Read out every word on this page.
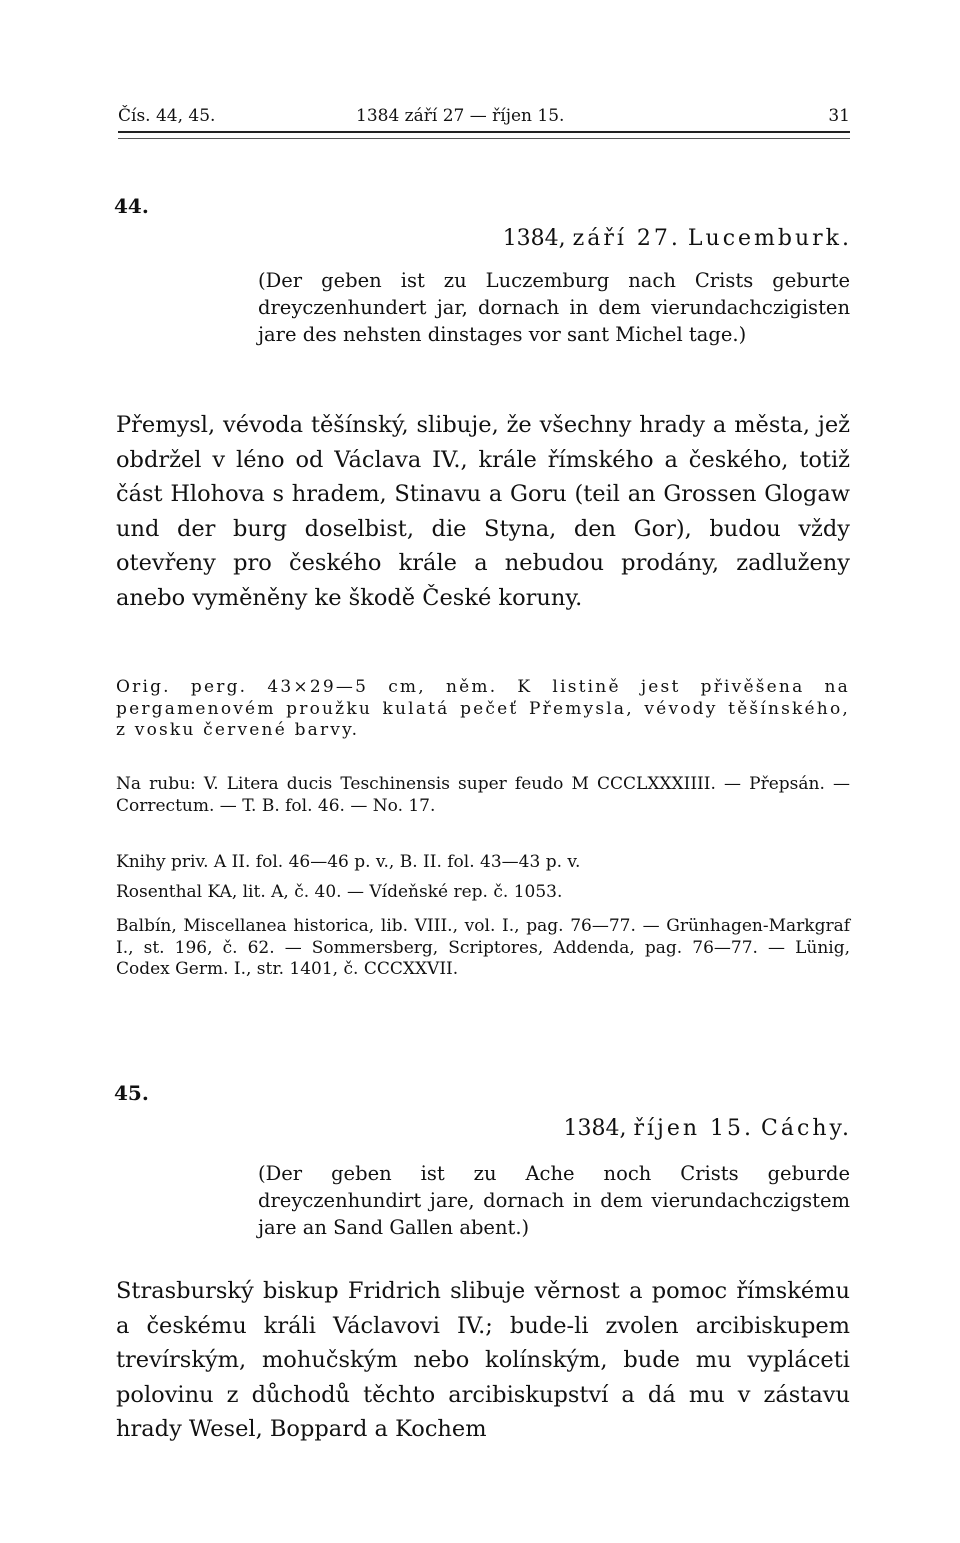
Čís. 44, 45.	1384 září 27 — říjen 15.	31
44.
1384, září 27. Lucemburk.
(Der geben ist zu Luczemburg nach Crists geburte dreyczenhundert jar, dornach in dem vierundachczigisten jare des nehsten dinstages vor sant Michel tage.)
Přemysl, vévoda těšínský, slibuje, že všechny hrady a města, jež obdržel v léno od Václava IV., krále římského a českého, totiž část Hlohova s hradem, Stinavu a Goru (teil an Grossen Glogaw und der burg doselbist, die Styna, den Gor), budou vždy otevřeny pro českého krále a nebudou prodány, zadluženy anebo vyměněny ke škodě České koruny.
Orig. perg. 43×29—5 cm, něm. K listině jest přivěšena na pergamenovém proužku kulatá pečeť Přemysla, vévody těšínského, z vosku červené barvy.
Na rubu: V. Litera ducis Teschinensis super feudo M CCCLXXXIIII. — Přepsán. — Correctum. — T. B. fol. 46. — No. 17.
Knihy priv. A II. fol. 46—46 p. v., B. II. fol. 43—43 p. v.
Rosenthal KA, lit. A, č. 40. — Vídeňské rep. č. 1053.
Balbín, Miscellanea historica, lib. VIII., vol. I., pag. 76—77. — Grünhagen-Markgraf I., st. 196, č. 62. — Sommersberg, Scriptores, Addenda, pag. 76—77. — Lünig, Codex Germ. I., str. 1401, č. CCCXXVII.
45.
1384, říjen 15. Cáchy.
(Der geben ist zu Ache noch Crists geburde dreyczenhundirt jare, dornach in dem vierundachczigstem jare an Sand Gallen abent.)
Strasburský biskup Fridrich slibuje věrnost a pomoc římskému a českému králi Václavovi IV.; bude-li zvolen arcibiskupem trevírským, mohučským nebo kolínským, bude mu vypláceti polovinu z důchodů těchto arcibiskupství a dá mu v zástavu hrady Wesel, Boppard a Kochem
